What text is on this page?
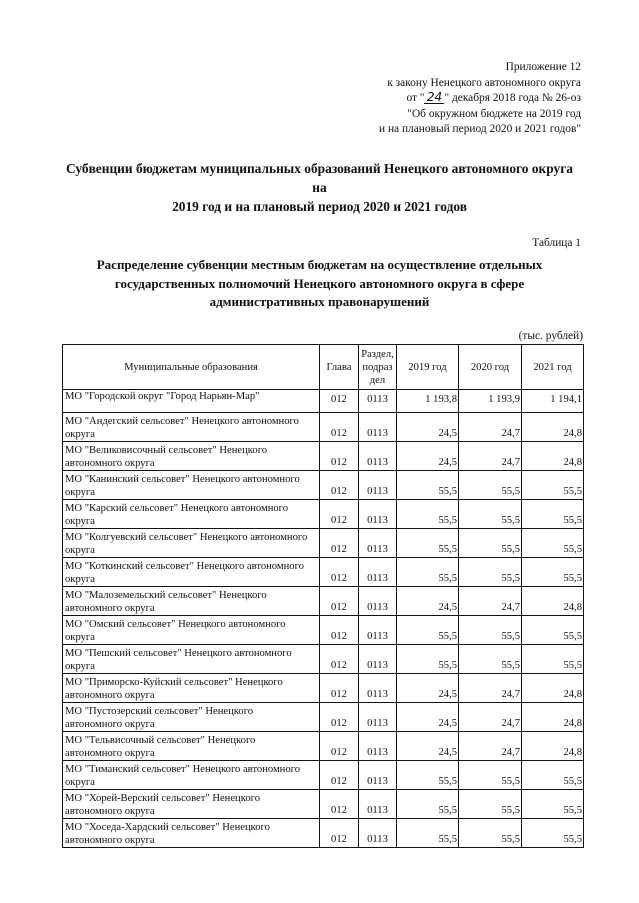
Приложение 12
к закону Ненецкого автономного округа
от " 24 " декабря 2018 года № 26-оз
"Об окружном бюджете на 2019 год
и на плановый период 2020 и 2021 годов"
Субвенции бюджетам муниципальных образований Ненецкого автономного округа на
2019 год и на плановый период 2020 и 2021 годов
Таблица 1
Распределение субвенции местным бюджетам на осуществление отдельных
государственных полномочий Ненецкого автономного округа в сфере
административных правонарушений
(тыс. рублей)
Муниципальные образования	Глава	Раздел,
подраз
дел	2019 год	2020 год	2021 год

МО "Городской округ "Город Нарьян-Мар"	012	0113	1 193,8	1 193,9	1 194,1

МО "Андегский сельсовет" Ненецкого автономного
округа	012	0113	24,5	24,7	24,8

МО "Великовисочный сельсовет" Ненецкого
автономного округа	012	0113	24,5	24,7	24,8

МО "Канинский сельсовет" Ненецкого автономного
округа	012	0113	55,5	55,5	55,5

МО "Карский сельсовет" Ненецкого автономного
округа	012	0113	55,5	55,5	55,5

МО "Колгуевский сельсовет" Ненецкого автономного
округа	012	0113	55,5	55,5	55,5

МО "Коткинский сельсовет" Ненецкого автономного
округа	012	0113	55,5	55,5	55,5

МО "Малоземельский сельсовет" Ненецкого
автономного округа	012	0113	24,5	24,7	24,8

МО "Омский сельсовет" Ненецкого автономного
округа	012	0113	55,5	55,5	55,5

МО "Пешский сельсовет" Ненецкого автономного
округа	012	0113	55,5	55,5	55,5

МО "Приморско-Куйский сельсовет" Ненецкого
автономного округа	012	0113	24,5	24,7	24,8

МО "Пустозерский сельсовет" Ненецкого
автономного округа	012	0113	24,5	24,7	24,8

МО "Тельвисочный сельсовет" Ненецкого
автономного округа	012	0113	24,5	24,7	24,8

МО "Тиманский сельсовет" Ненецкого автономного
округа	012	0113	55,5	55,5	55,5

МО "Хорей-Верский сельсовет" Ненецкого
автономного округа	012	0113	55,5	55,5	55,5

МО "Хоседа-Хардский сельсовет" Ненецкого
автономного округа	012	0113	55,5	55,5	55,5
